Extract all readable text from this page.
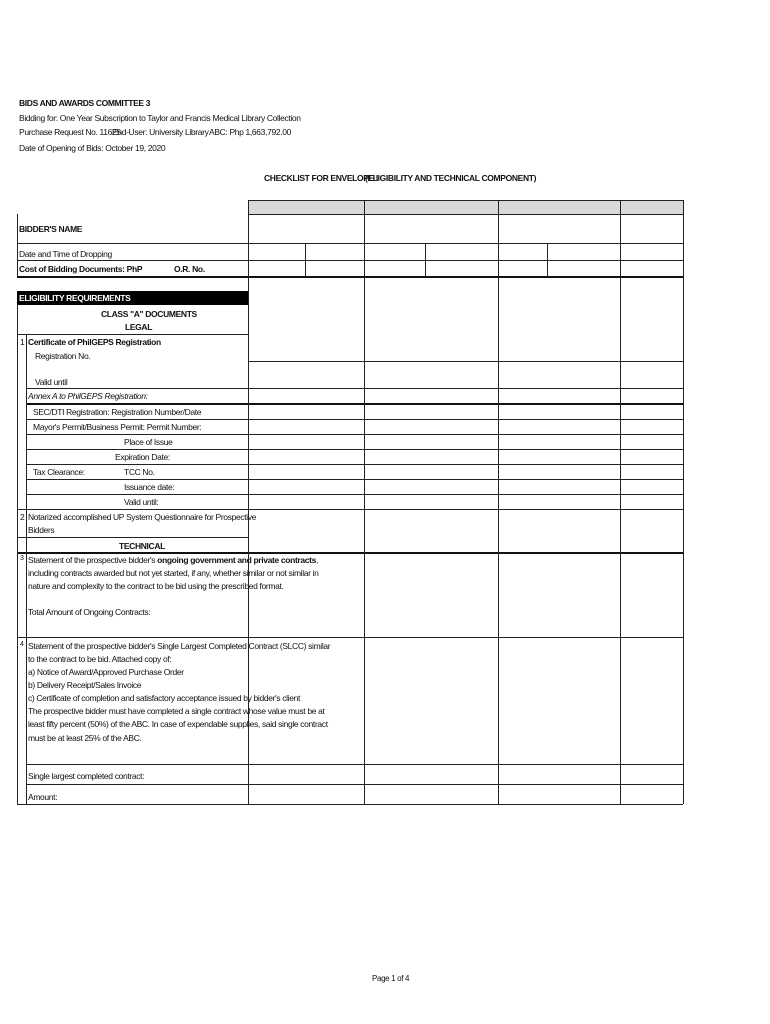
BIDS AND AWARDS COMMITTEE 3
Bidding for: One Year Subscription to Taylor and Francis Medical Library Collection
Purchase Request No. 11625
End-User: University Library ABC: Php 1,663,792.00
Date of Opening of Bids: October 19, 2020
CHECKLIST FOR ENVELOPE I
(ELIGIBILITY AND TECHNICAL COMPONENT)
BIDDER'S NAME
Date and Time of Dropping
Cost of Bidding Documents: PhP	O.R. No.
ELIGIBILITY REQUIREMENTS
CLASS "A" DOCUMENTS
LEGAL
1 Certificate of PhilGEPS Registration
Registration No.
Valid until
Annex A to PhilGEPS Registration:
SEC/DTI Registration: Registration Number/Date
Mayor's Permit/Business Permit: Permit Number:
Place of Issue
Expiration Date:
Tax Clearance:	TCC No.
Issuance date:
Valid until:
2 Notarized accomplished UP System Questionnaire for Prospective
Bidders
TECHNICAL
3 Statement of the prospective bidder's ongoing government and private contracts,
including contracts awarded but not yet started, if any, whether similar or not similar in
nature and complexity to the contract to be bid using the prescribed format.
Total Amount of Ongoing Contracts:
4 Statement of the prospective bidder's Single Largest Completed Contract (SLCC) similar
to the contract to be bid. Attached copy of:
a) Notice of Award/Approved Purchase Order
b) Delivery Receipt/Sales Invoice
c) Certificate of completion and satisfactory acceptance issued by bidder's client
The prospective bidder must have completed a single contract whose value must be at
least fifty percent (50%) of the ABC. In case of expendable supplies, said single contract
must be at least 25% of the ABC.
Single largest completed contract:
Amount:
Page 1 of 4
